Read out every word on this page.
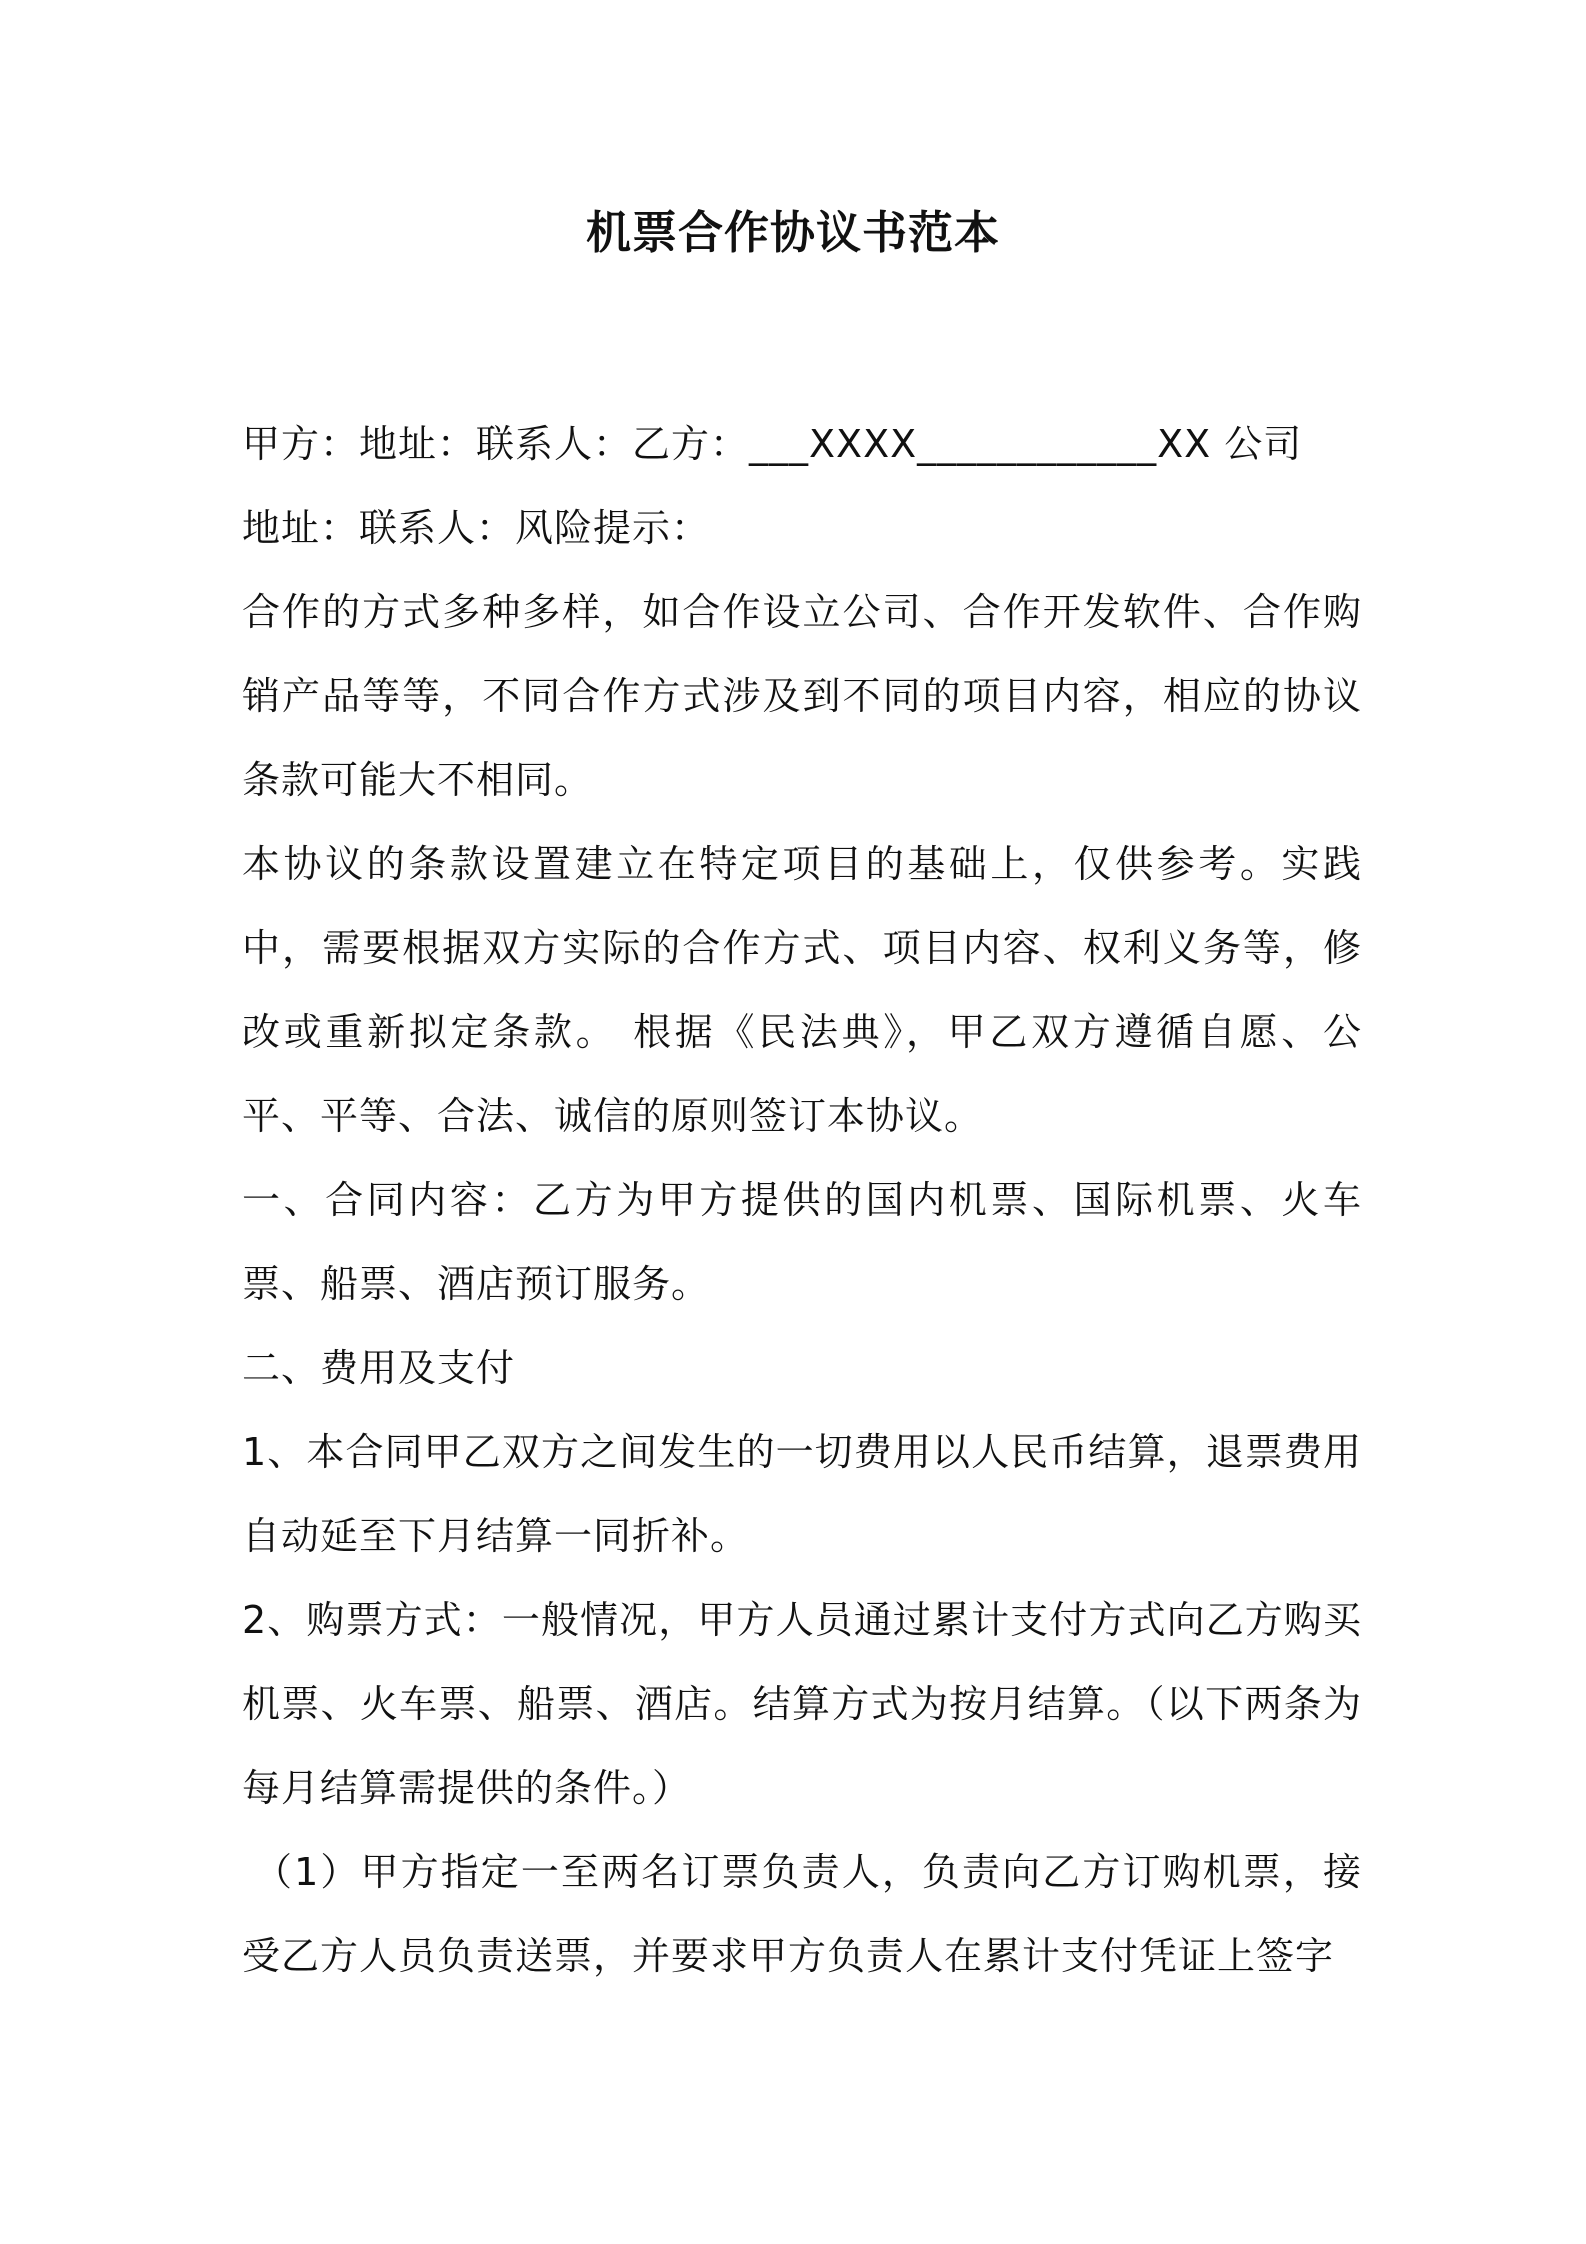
机票合作协议书范本

甲方：地址：联系人：乙方：___XXXX____________XX 公司

地址：联系人：风险提示：

合作的方式多种多样，如合作设立公司、合作开发软件、合作购销产品等等，不同合作方式涉及到不同的项目内容，相应的协议条款可能大不相同。

本协议的条款设置建立在特定项目的基础上，仅供参考。实践中，需要根据双方实际的合作方式、项目内容、权利义务等，修改或重新拟定条款。 根据《民法典》，甲乙双方遵循自愿、公平、平等、合法、诚信的原则签订本协议。

一、合同内容：乙方为甲方提供的国内机票、国际机票、火车票、船票、酒店预订服务。

二、费用及支付

1、本合同甲乙双方之间发生的一切费用以人民币结算，退票费用自动延至下月结算一同折补。

2、购票方式：一般情况，甲方人员通过累计支付方式向乙方购买机票、火车票、船票、酒店。结算方式为按月结算。（以下两条为每月结算需提供的条件。）

（1）甲方指定一至两名订票负责人，负责向乙方订购机票，接受乙方人员负责送票，并要求甲方负责人在累计支付凭证上签字
